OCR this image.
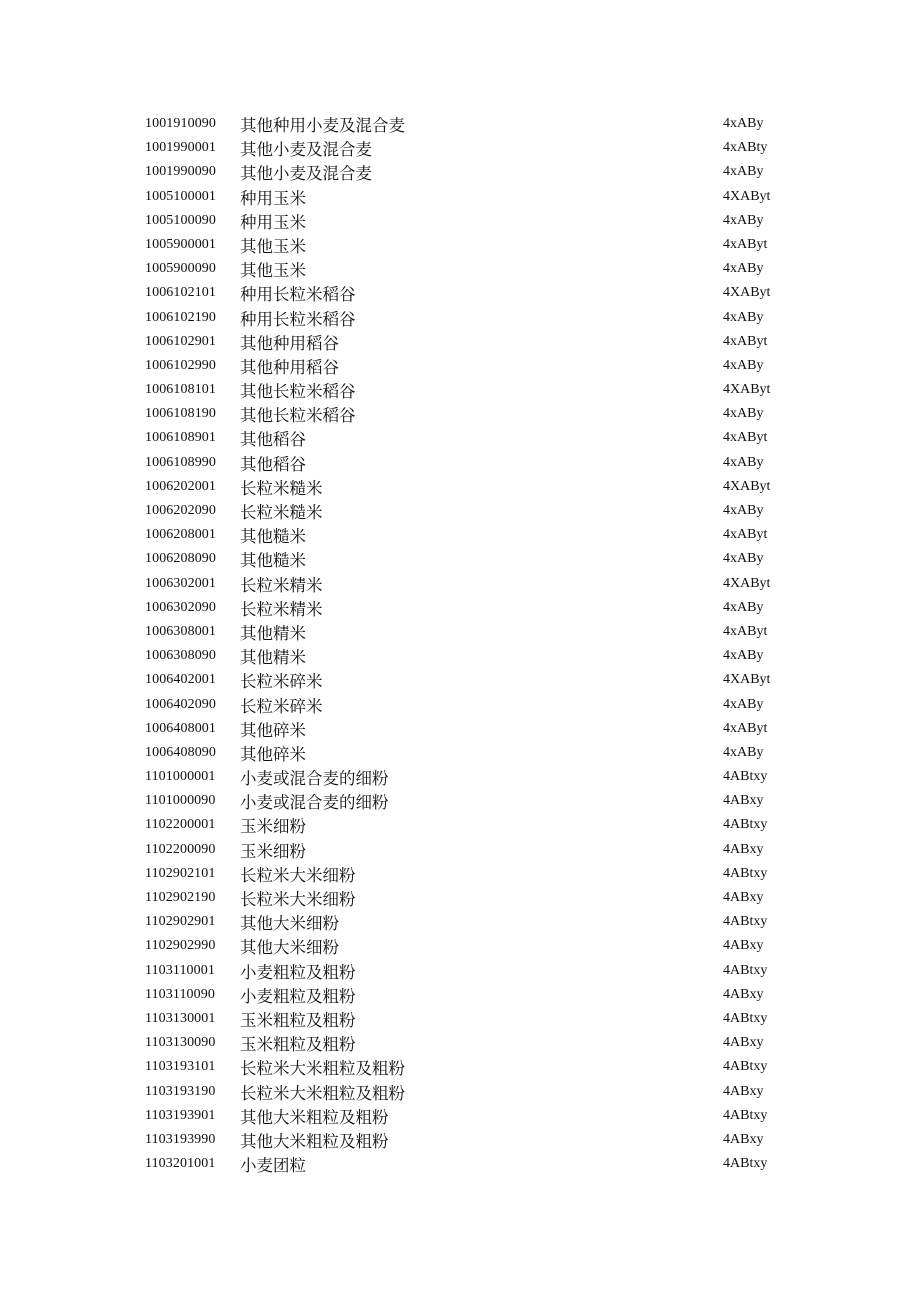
1001910090 其他种用小麦及混合麦	4xABy
1001990001 其他小麦及混合麦	4xABty
1001990090 其他小麦及混合麦	4xABy
1005100001 种用玉米	4XAByt
1005100090 种用玉米	4xABy
1005900001 其他玉米	4xAByt
1005900090 其他玉米	4xABy
1006102101 种用长粒米稻谷	4XAByt
1006102190 种用长粒米稻谷	4xABy
1006102901 其他种用稻谷	4xAByt
1006102990 其他种用稻谷	4xABy
1006108101 其他长粒米稻谷	4XAByt
1006108190 其他长粒米稻谷	4xABy
1006108901 其他稻谷	4xAByt
1006108990 其他稻谷	4xABy
1006202001 长粒米糙米	4XAByt
1006202090 长粒米糙米	4xABy
1006208001 其他糙米	4xAByt
1006208090 其他糙米	4xABy
1006302001 长粒米精米	4XAByt
1006302090 长粒米精米	4xABy
1006308001 其他精米	4xAByt
1006308090 其他精米	4xABy
1006402001 长粒米碎米	4XAByt
1006402090 长粒米碎米	4xABy
1006408001 其他碎米	4xAByt
1006408090 其他碎米	4xABy
1101000001 小麦或混合麦的细粉	4ABtxy
1101000090 小麦或混合麦的细粉	4ABxy
1102200001 玉米细粉	4ABtxy
1102200090 玉米细粉	4ABxy
1102902101 长粒米大米细粉	4ABtxy
1102902190 长粒米大米细粉	4ABxy
1102902901 其他大米细粉	4ABtxy
1102902990 其他大米细粉	4ABxy
1103110001 小麦粗粒及粗粉	4ABtxy
1103110090 小麦粗粒及粗粉	4ABxy
1103130001 玉米粗粒及粗粉	4ABtxy
1103130090 玉米粗粒及粗粉	4ABxy
1103193101 长粒米大米粗粒及粗粉	4ABtxy
1103193190 长粒米大米粗粒及粗粉	4ABxy
1103193901 其他大米粗粒及粗粉	4ABtxy
1103193990 其他大米粗粒及粗粉	4ABxy
1103201001 小麦团粒	4ABtxy
